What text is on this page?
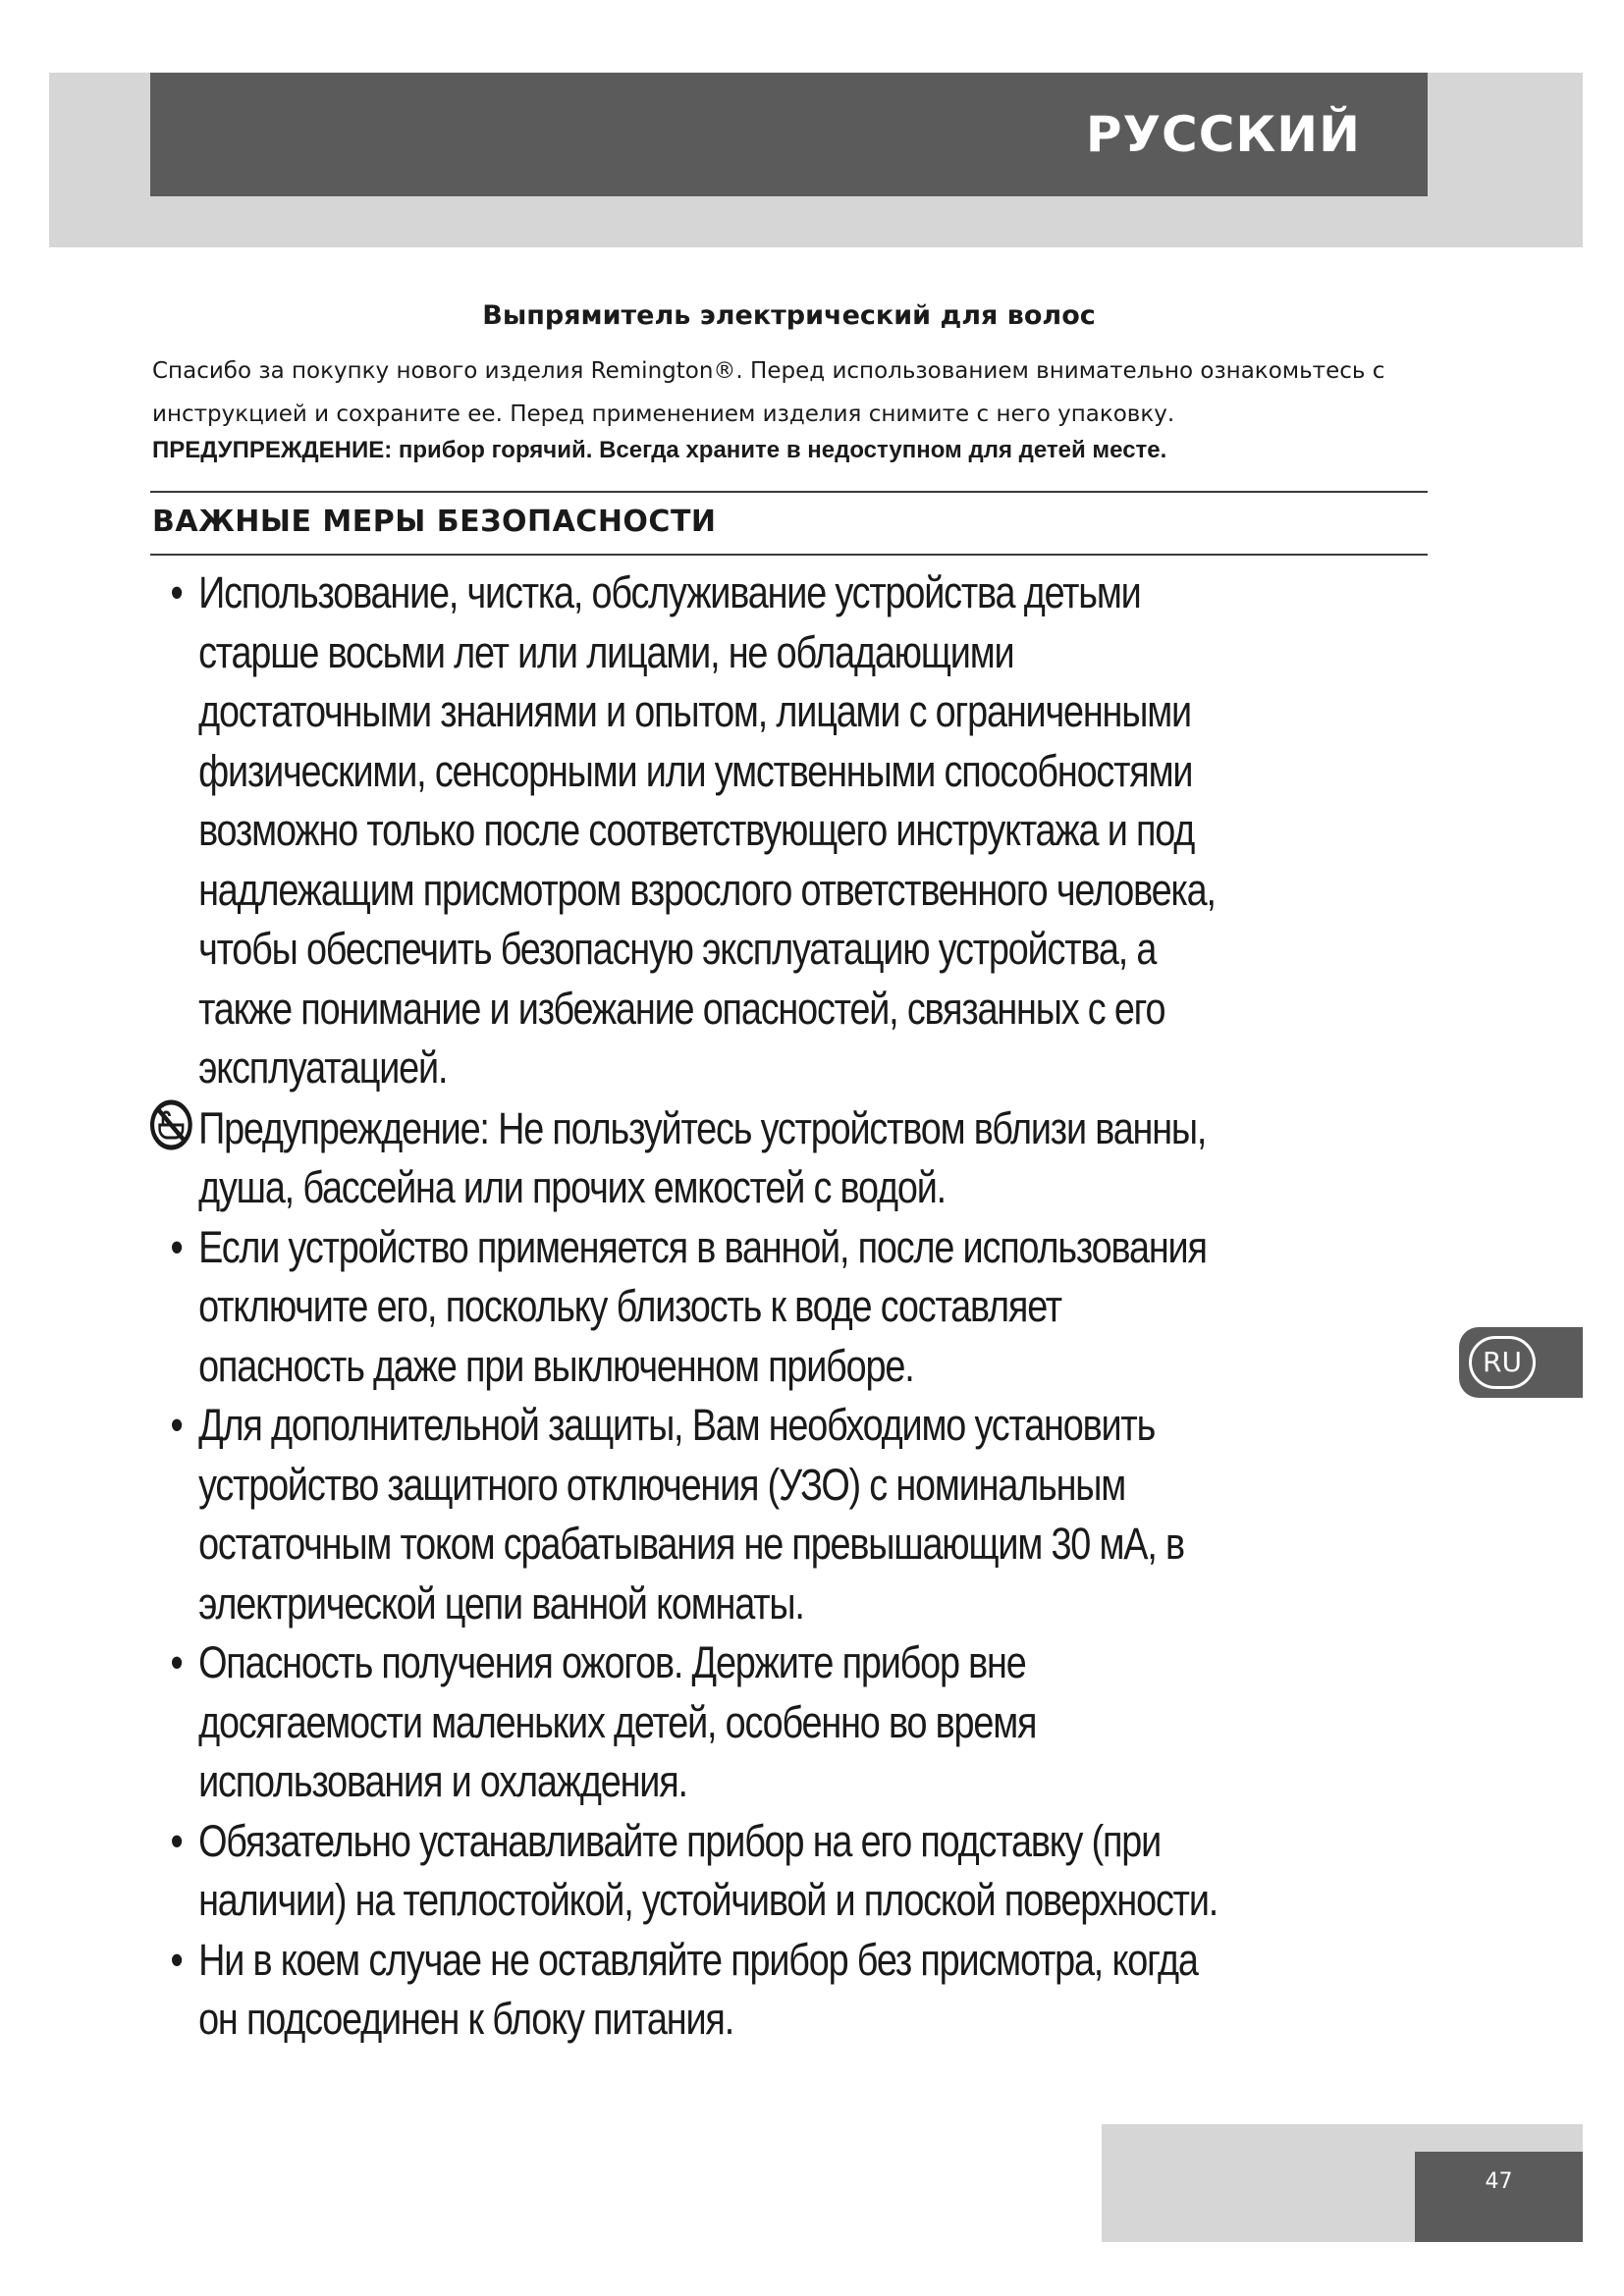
РУССКИЙ
Выпрямитель электрический для волос

Спасибо за покупку нового изделия Remington®. Перед использованием внимательно ознакомьтесь с инструкцией и сохраните ее. Перед применением изделия снимите с него упаковку.

ПРЕДУПРЕЖДЕНИЕ: прибор горячий. Всегда храните в недоступном для детей месте.

ВАЖНЫЕ МЕРЫ БЕЗОПАСНОСТИ
• Использование, чистка, обслуживание устройства детьми старше восьми лет или лицами, не обладающими достаточными знаниями и опытом, лицами с ограниченными физическими, сенсорными или умственными способностями возможно только после соответствующего инструктажа и под надлежащим присмотром взрослого ответственного человека, чтобы обеспечить безопасную эксплуатацию устройства, а также понимание и избежание опасностей, связанных с его эксплуатацией.
Предупреждение: Не пользуйтесь устройством вблизи ванны, душа, бассейна или прочих емкостей с водой.
• Если устройство применяется в ванной, после использования отключите его, поскольку близость к воде составляет опасность даже при выключенном приборе.
• Для дополнительной защиты, Вам необходимо установить устройство защитного отключения (УЗО) с номинальным остаточным током срабатывания не превышающим 30 мА, в электрической цепи ванной комнаты.
• Опасность получения ожогов. Держите прибор вне досягаемости маленьких детей, особенно во время использования и охлаждения.
• Обязательно устанавливайте прибор на его подставку (при наличии) на теплостойкой, устойчивой и плоской поверхности.
• Ни в коем случае не оставляйте прибор без присмотра, когда он подсоединен к блоку питания.
RU
47
